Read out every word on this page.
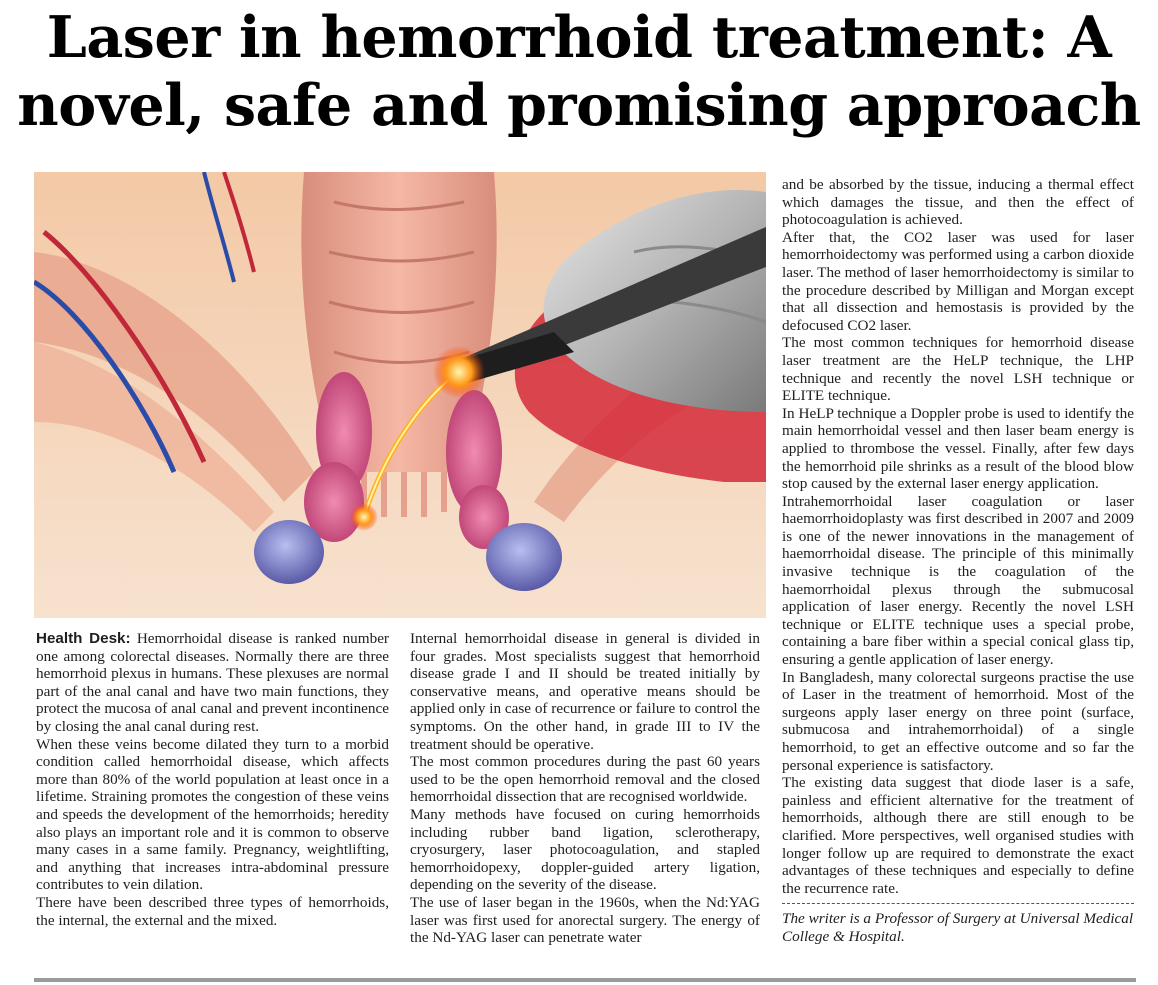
Laser in hemorrhoid treatment: A
novel, safe and promising approach

Health Desk: Hemorrhoidal disease is ranked number one among colorectal diseases. Normally there are three hemorrhoid plexus in humans. These plexuses are normal part of the anal canal and have two main functions, they protect the mucosa of anal canal and prevent incontinence by closing the anal canal during rest.

When these veins become dilated they turn to a morbid condition called hemorrhoidal disease, which affects more than 80% of the world population at least once in a lifetime. Straining promotes the congestion of these veins and speeds the development of the hemorrhoids; heredity also plays an important role and it is common to observe many cases in a same family. Pregnancy, weightlifting, and anything that increases intra-abdominal pressure contributes to vein dilation.

There have been described three types of hemorrhoids, the internal, the external and the mixed.

Internal hemorrhoidal disease in general is divided in four grades. Most specialists suggest that hemorrhoid disease grade I and II should be treated initially by conservative means, and operative means should be applied only in case of recurrence or failure to control the symptoms. On the other hand, in grade III to IV the treatment should be operative.

The most common procedures during the past 60 years used to be the open hemorrhoid removal and the closed hemorrhoidal dissection that are recognised worldwide.

Many methods have focused on curing hemorrhoids including rubber band ligation, sclerotherapy, cryosurgery, laser photocoagulation, and stapled hemorrhoidopexy, doppler-guided artery ligation, depending on the severity of the disease.

The use of laser began in the 1960s, when the Nd:YAG laser was first used for anorectal surgery. The energy of the Nd-YAG laser can penetrate water

and be absorbed by the tissue, inducing a thermal effect which damages the tissue, and then the effect of photocoagulation is achieved.

After that, the CO2 laser was used for laser hemorrhoidectomy was performed using a carbon dioxide laser. The method of laser hemorrhoidectomy is similar to the procedure described by Milligan and Morgan except that all dissection and hemostasis is provided by the defocused CO2 laser.

The most common techniques for hemorrhoid disease laser treatment are the HeLP technique, the LHP technique and recently the novel LSH technique or ELITE technique.

In HeLP technique a Doppler probe is used to identify the main hemorrhoidal vessel and then laser beam energy is applied to thrombose the vessel. Finally, after few days the hemorrhoid pile shrinks as a result of the blood blow stop caused by the external laser energy application.

Intrahemorrhoidal laser coagulation or laser haemorrhoidoplasty was first described in 2007 and 2009 is one of the newer innovations in the management of haemorrhoidal disease. The principle of this minimally invasive technique is the coagulation of the haemorrhoidal plexus through the submucosal application of laser energy. Recently the novel LSH technique or ELITE technique uses a special probe, containing a bare fiber within a special conical glass tip, ensuring a gentle application of laser energy.

In Bangladesh, many colorectal surgeons practise the use of Laser in the treatment of hemorrhoid. Most of the surgeons apply laser energy on three point (surface, submucosa and intrahemorrhoidal) of a single hemorrhoid, to get an effective outcome and so far the personal experience is satisfactory.

The existing data suggest that diode laser is a safe, painless and efficient alternative for the treatment of hemorrhoids, although there are still enough to be clarified. More perspectives, well organised studies with longer follow up are required to demonstrate the exact advantages of these techniques and especially to define the recurrence rate.

The writer is a Professor of Surgery at Universal Medical College & Hospital.
